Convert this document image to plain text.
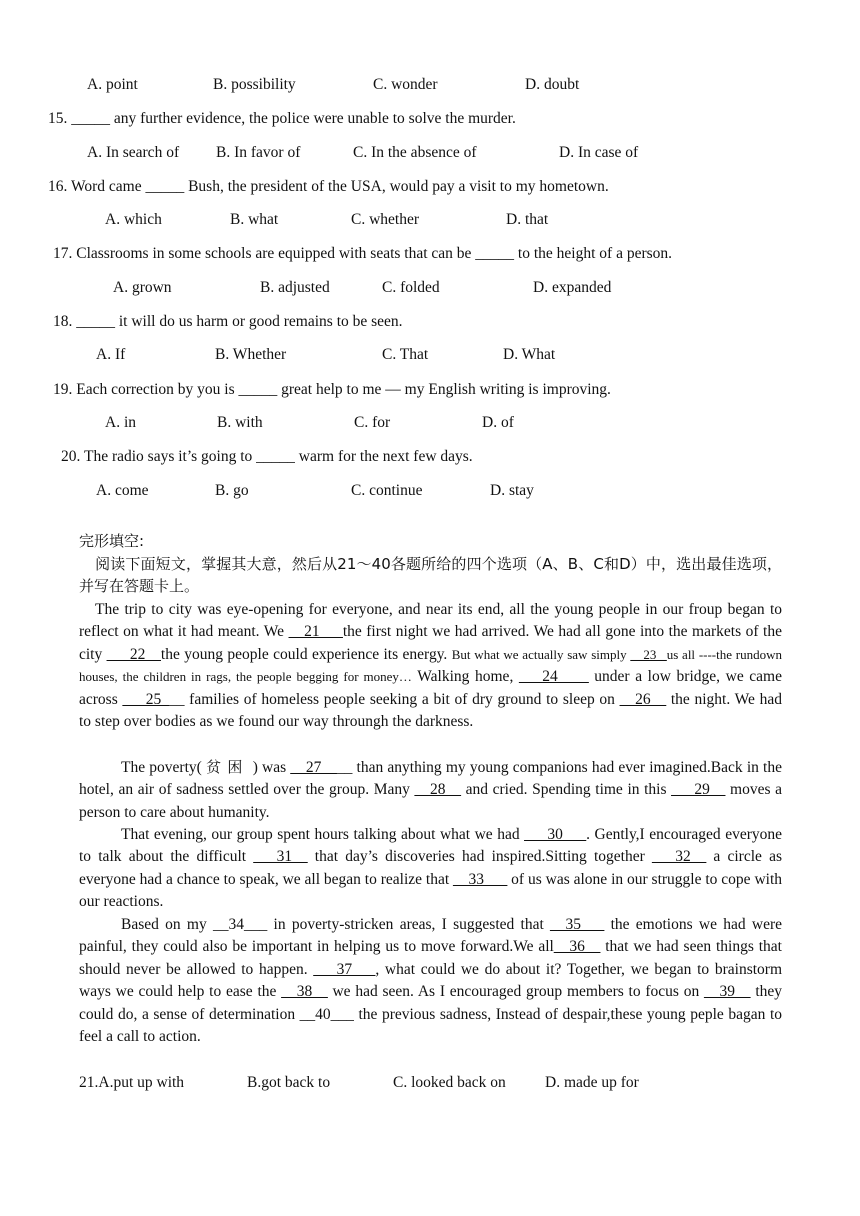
A. point	B. possibility	C. wonder	D. doubt
15. _____ any further evidence, the police were unable to solve the murder.
A. In search of B. In favor of	C. In the absence of	D. In case of
16. Word came _____ Bush, the president of the USA, would pay a visit to my hometown.
A. which	B. what	C. whether	D. that
17. Classrooms in some schools are equipped with seats that can be _____ to the height of a person.
A. grown	B. adjusted	C. folded	D. expanded
18. _____ it will do us harm or good remains to be seen.
A. If	B. Whether	C. That	D. What
19. Each correction by you is _____ great help to me — my English writing is improving.
A. in	B. with	C. for	D. of
20. The radio says it’s going to _____ warm for the next few days.
A. come	B. go	C. continue	D. stay
完形填空:
阅读下面短文，掌握其大意，然后从21～40各题所给的四个选项（A、B、C和D）中，选出最佳选项，并写在答题卡上。
The trip to city was eye-opening for everyone, and near its end, all the young people in our froup began to reflect on what it had meant. We __21___the first night we had arrived. We had all gone into the markets of the city ___22__the young people could experience its energy. But what we actually saw simply __23 _us all ----the rundown houses, the children in rags, the people begging for money… Walking home, ___24____ under a low bridge, we came across ___25___ families of homeless people seeking a bit of dry ground to sleep on __26__ the night. We had to step over bodies as we found our way throungh the darkness.
The poverty( 贫困 ) was __27____ than anything my young companions had ever imagined.Back in the hotel, an air of sadness settled over the group. Many __28__ and cried. Spending time in this ___29__ moves a person to care about humanity.
That evening, our group spent hours talking about what we had ___30___. Gently,I encouraged everyone to talk about the difficult ___31__ that day’s discoveries had inspired.Sitting together ___32__ a circle as everyone had a chance to speak, we all began to realize that __33___ of us was alone in our struggle to cope with our reactions.
Based on my __34___ in poverty-stricken areas, I suggested that __35___ the emotions we had were painful, they could also be important in helping us to move forward.We all__36__ that we had seen things that should never be allowed to happen. ___37___, what could we do about it? Together, we began to brainstorm ways we could help to ease the __38__ we had seen. As I encouraged group members to focus on __39__ they could do, a sense of determination __40___ the previous sadness, Instead of despair,these young peple bagan to feel a call to action.
21.A.put up with	B.got back to	C. looked back on	D. made up for
